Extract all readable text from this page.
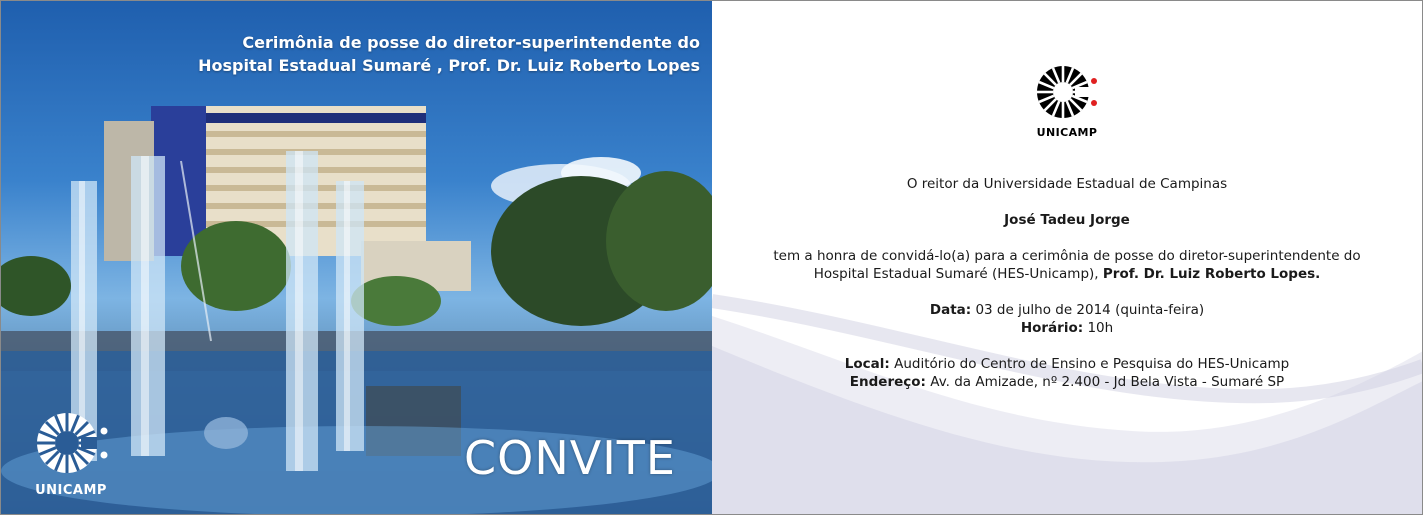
Cerimônia de posse do diretor-superintendente do
Hospital Estadual Sumaré , Prof. Dr. Luiz Roberto Lopes
CONVITE
UNICAMP
UNICAMP

O reitor da Universidade Estadual de Campinas

José Tadeu Jorge

tem a honra de convidá-lo(a) para a cerimônia de posse do diretor-superintendente do

Hospital Estadual Sumaré (HES-Unicamp), Prof. Dr. Luiz Roberto Lopes.

Data: 03 de julho de 2014 (quinta-feira)

Horário: 10h

Local: Auditório do Centro de Ensino e Pesquisa do HES-Unicamp

Endereço: Av. da Amizade, nº 2.400 - Jd Bela Vista - Sumaré SP
